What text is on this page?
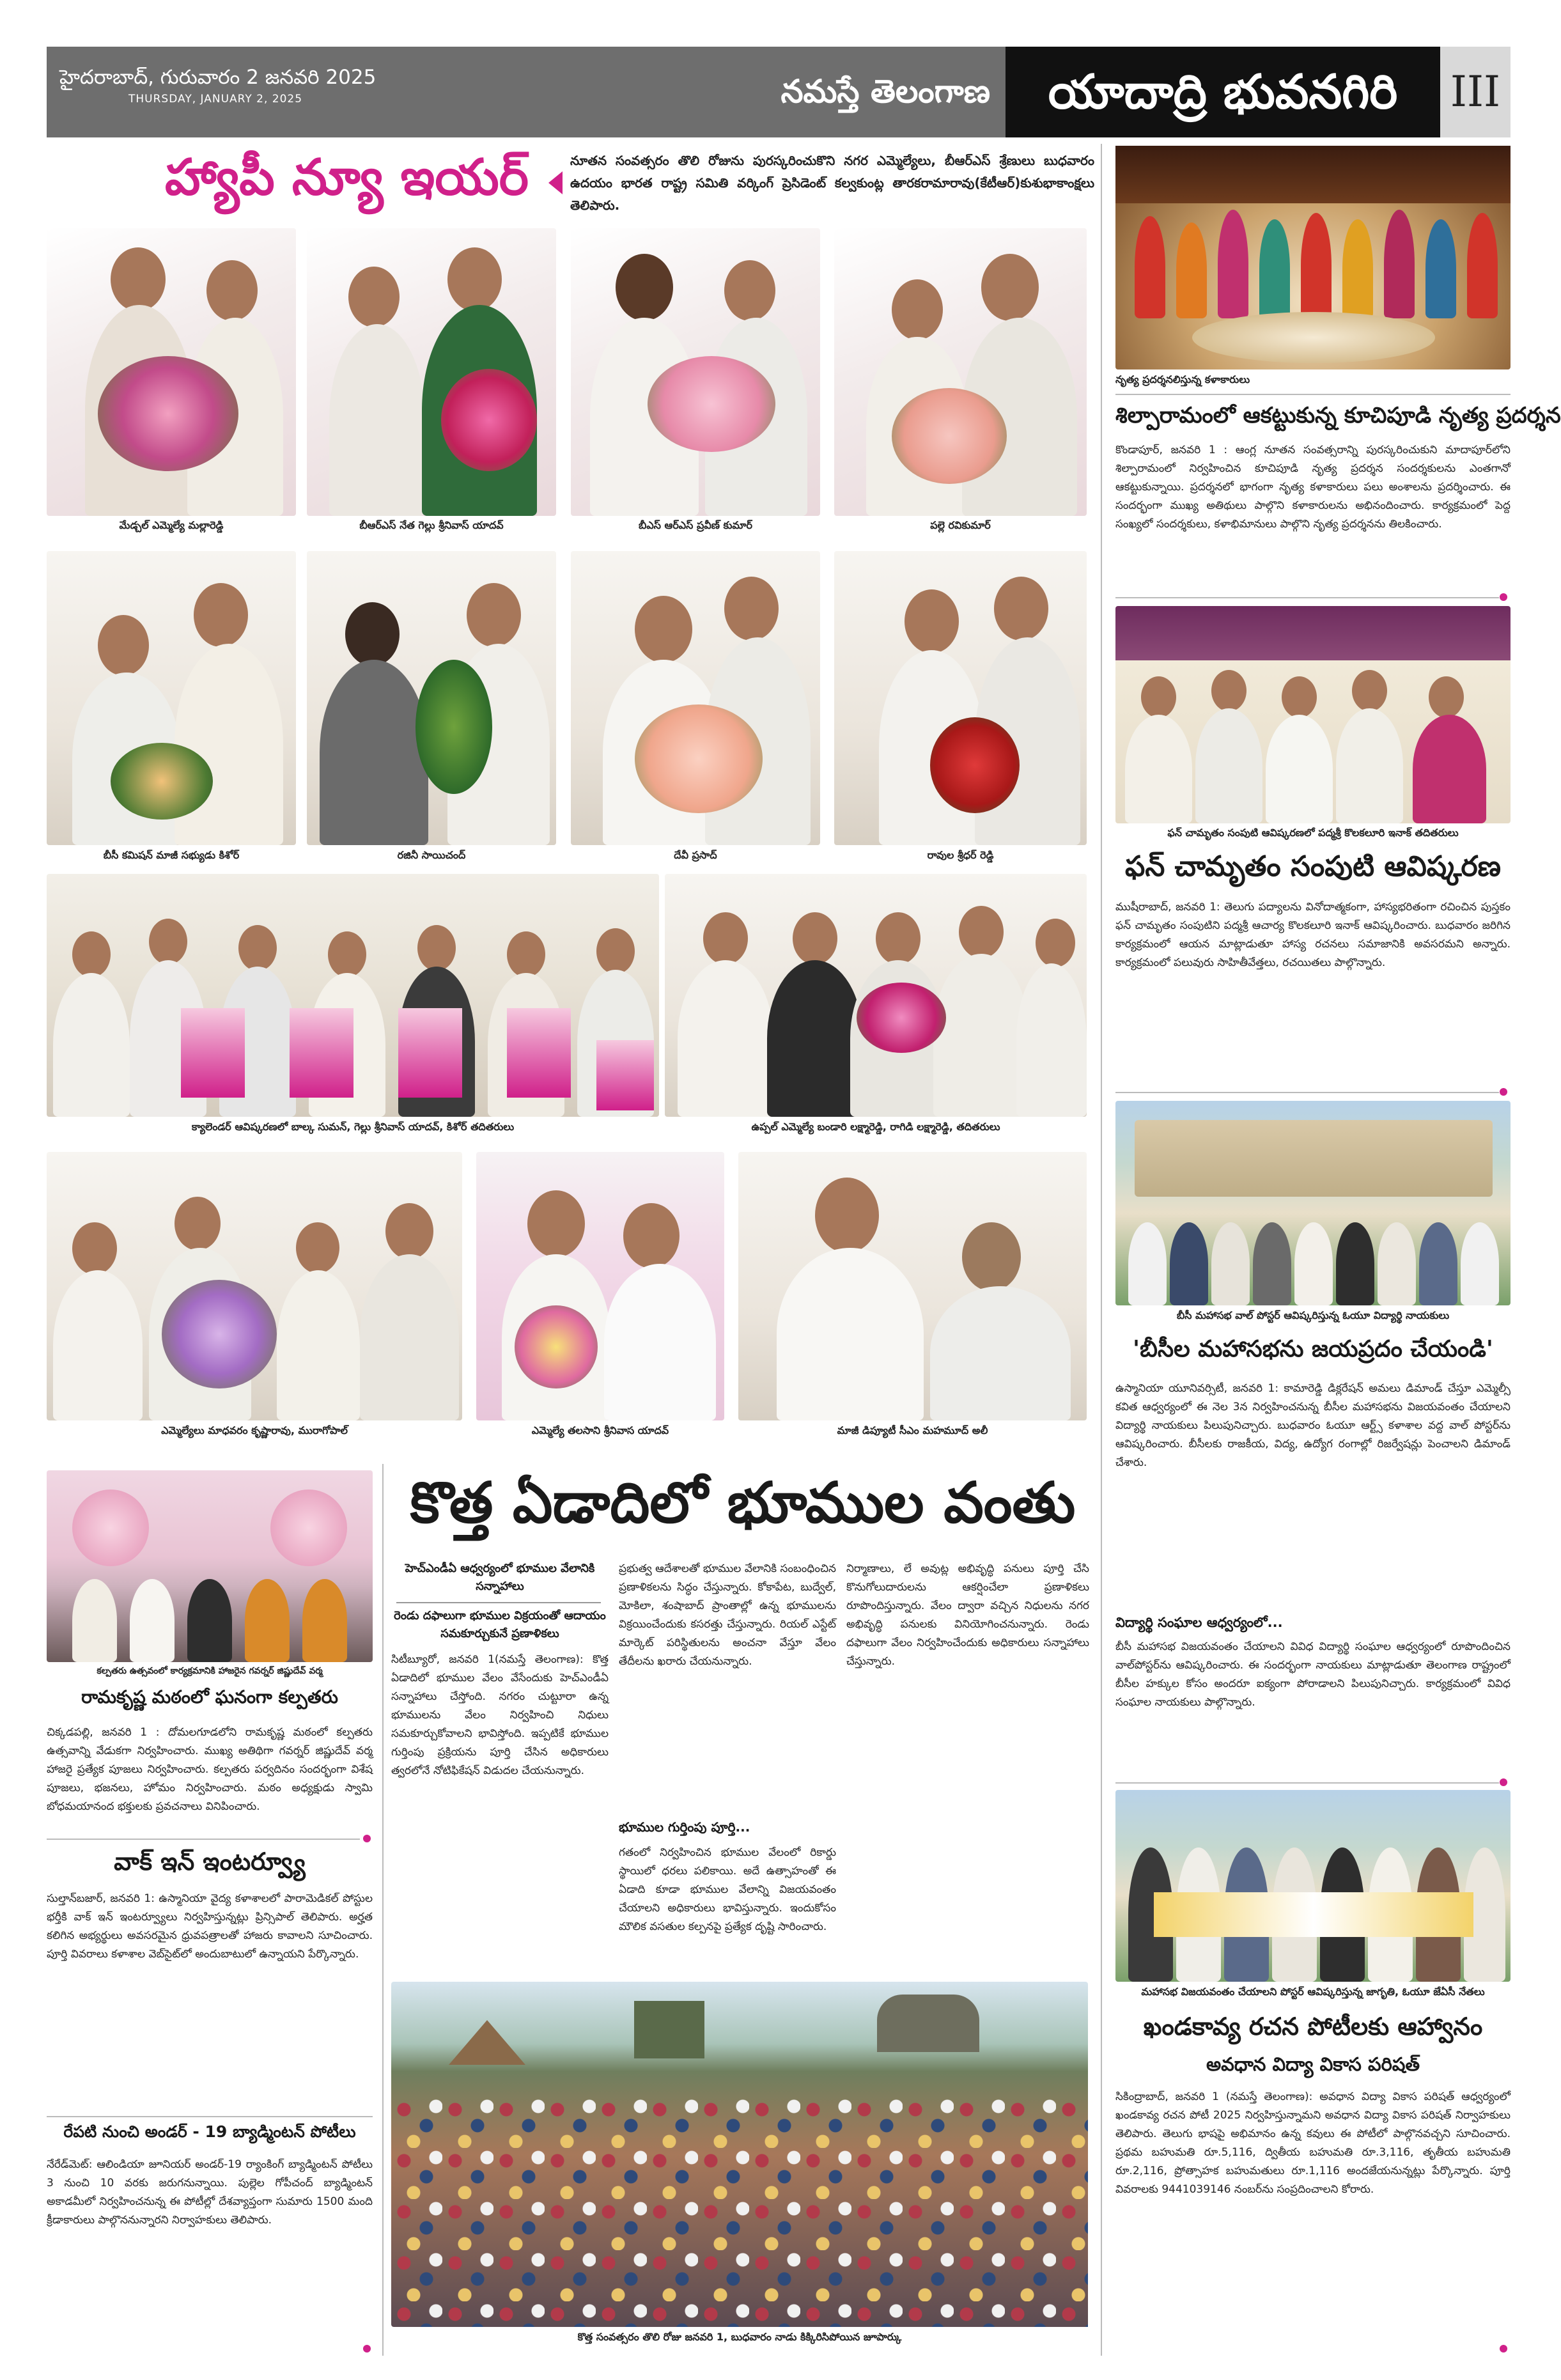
హైదరాబాద్, గురువారం 2 జనవరి 2025
THURSDAY, JANUARY 2, 2025	నమస్తే తెలంగాణ	యాదాద్రి భువనగిరి	III
హ్యాపీ న్యూ ఇయర్	నూతన సంవత్సరం తొలి రోజును పురస్కరించుకొని నగర ఎమ్మెల్యేలు, బీఆర్ఎస్ శ్రేణులు బుధవారం ఉదయం భారత రాష్ట్ర సమితి వర్కింగ్ ప్రెసిడెంట్ కల్వకుంట్ల తారకరామారావు(కేటీఆర్)కుశుభాకాంక్షలు తెలిపారు.
మేడ్చల్ ఎమ్మెల్యే మల్లారెడ్డి	బీఆర్ఎస్ నేత గెల్లు శ్రీనివాస్ యాదవ్	బీఎస్ ఆర్ఎస్ ప్రవీణ్ కుమార్	పల్లె రవికుమార్
బీసీ కమిషన్ మాజీ సభ్యుడు కిశోర్	రజినీ సాయిచంద్	దేవీ ప్రసాద్	రావుల శ్రీధర్ రెడ్డి
క్యాలెండర్ ఆవిష్కరణలో బాల్క సుమన్, గెల్లు శ్రీనివాస్ యాదవ్, కిశోర్ తదితరులు	ఉప్పల్ ఎమ్మెల్యే బండారి లక్ష్మారెడ్డి, రాగిడి లక్ష్మారెడ్డి, తదితరులు
ఎమ్మెల్యేలు మాధవరం కృష్ణారావు, మురాగోపాల్	ఎమ్మెల్యే తలసాని శ్రీనివాస యాదవ్	మాజీ డిప్యూటీ సీఎం మహమూద్ అలీ
నృత్య ప్రదర్శనలిస్తున్న కళాకారులు
శిల్పారామంలో ఆకట్టుకున్న కూచిపూడి నృత్య ప్రదర్శన
కొండాపూర్, జనవరి 1 : ఆంగ్ల నూతన సంవత్సరాన్ని పురస్కరించుకుని మాదాపూర్‌లోని శిల్పారామంలో నిర్వహించిన కూచిపూడి నృత్య ప్రదర్శన సందర్శకులను ఎంతగానో ఆకట్టుకున్నాయి. ప్రదర్శనలో భాగంగా నృత్య కళాకారులు పలు అంశాలను ప్రదర్శించారు. ఈ సందర్భంగా ముఖ్య అతిథులు పాల్గొని కళాకారులను అభినందించారు. కార్యక్రమంలో పెద్ద సంఖ్యలో సందర్శకులు, కళాభిమానులు పాల్గొని నృత్య ప్రదర్శనను తిలకించారు.
ఫన్ చామృతం సంపుటి ఆవిష్కరణలో పద్మశ్రీ కొలకలూరి ఇనాక్ తదితరులు
ఫన్ చామృతం సంపుటి ఆవిష్కరణ
ముషీరాబాద్, జనవరి 1: తెలుగు పద్యాలను వినోదాత్మకంగా, హాస్యభరితంగా రచించిన పుస్తకం ఫన్ చామృతం సంపుటిని పద్మశ్రీ ఆచార్య కొలకలూరి ఇనాక్ ఆవిష్కరించారు. బుధవారం జరిగిన కార్యక్రమంలో ఆయన మాట్లాడుతూ హాస్య రచనలు సమాజానికి అవసరమని అన్నారు. కార్యక్రమంలో పలువురు సాహితీవేత్తలు, రచయితలు పాల్గొన్నారు.
బీసీ మహాసభ వాల్ పోస్టర్ ఆవిష్కరిస్తున్న ఓయూ విద్యార్థి నాయకులు
'బీసీల మహాసభను జయప్రదం చేయండి'
ఉస్మానియా యూనివర్సిటీ, జనవరి 1: కామారెడ్డి డిక్లరేషన్ అమలు డిమాండ్ చేస్తూ ఎమ్మెల్సీ కవిత ఆధ్వర్యంలో ఈ నెల 3న నిర్వహించనున్న బీసీల మహాసభను విజయవంతం చేయాలని విద్యార్థి నాయకులు పిలుపునిచ్చారు. బుధవారం ఓయూ ఆర్ట్స్ కళాశాల వద్ద వాల్ పోస్టర్‌ను ఆవిష్కరించారు. బీసీలకు రాజకీయ, విద్య, ఉద్యోగ రంగాల్లో రిజర్వేషన్లు పెంచాలని డిమాండ్ చేశారు.
విద్యార్థి సంఘాల ఆధ్వర్యంలో...
బీసీ మహాసభ విజయవంతం చేయాలని వివిధ విద్యార్థి సంఘాల ఆధ్వర్యంలో రూపొందించిన వాల్‌పోస్టర్‌ను ఆవిష్కరించారు. ఈ సందర్భంగా నాయకులు మాట్లాడుతూ తెలంగాణ రాష్ట్రంలో బీసీల హక్కుల కోసం అందరూ ఐక్యంగా పోరాడాలని పిలుపునిచ్చారు. కార్యక్రమంలో వివిధ సంఘాల నాయకులు పాల్గొన్నారు.
మహాసభ విజయవంతం చేయాలని పోస్టర్ ఆవిష్కరిస్తున్న జాగృతి, ఓయూ జేఏసీ నేతలు
ఖండకావ్య రచన పోటీలకు ఆహ్వానం
అవధాన విద్యా వికాస పరిషత్
సికింద్రాబాద్, జనవరి 1 (నమస్తే తెలంగాణ): అవధాన విద్యా వికాస పరిషత్ ఆధ్వర్యంలో ఖండకావ్య రచన పోటీ 2025 నిర్వహిస్తున్నామని అవధాన విద్యా వికాస పరిషత్ నిర్వాహకులు తెలిపారు. తెలుగు భాషపై అభిమానం ఉన్న కవులు ఈ పోటీలో పాల్గొనవచ్చని సూచించారు. ప్రథమ బహుమతి రూ.5,116, ద్వితీయ బహుమతి రూ.3,116, తృతీయ బహుమతి రూ.2,116, ప్రోత్సాహక బహుమతులు రూ.1,116 అందజేయనున్నట్లు పేర్కొన్నారు. పూర్తి వివరాలకు 9441039146 నంబర్‌ను సంప్రదించాలని కోరారు.
కల్పతరు ఉత్సవంలో కార్యక్రమానికి హాజరైన గవర్నర్ జిష్ణుదేవ్ వర్మ
రామకృష్ణ మఠంలో ఘనంగా కల్పతరు
చిక్కడపల్లి, జనవరి 1 : దోమలగూడలోని రామకృష్ణ మఠంలో కల్పతరు ఉత్సవాన్ని వేడుకగా నిర్వహించారు. ముఖ్య అతిథిగా గవర్నర్ జిష్ణుదేవ్ వర్మ హాజరై ప్రత్యేక పూజలు నిర్వహించారు. కల్పతరు పర్వదినం సందర్భంగా విశేష పూజలు, భజనలు, హోమం నిర్వహించారు. మఠం అధ్యక్షుడు స్వామి బోధమయానంద భక్తులకు ప్రవచనాలు వినిపించారు.
వాక్ ఇన్ ఇంటర్వ్యూ
సుల్తాన్‌బజార్, జనవరి 1: ఉస్మానియా వైద్య కళాశాలలో పారామెడికల్ పోస్టుల భర్తీకి వాక్ ఇన్ ఇంటర్వ్యూలు నిర్వహిస్తున్నట్లు ప్రిన్సిపాల్ తెలిపారు. అర్హత కలిగిన అభ్యర్థులు అవసరమైన ధ్రువపత్రాలతో హాజరు కావాలని సూచించారు. పూర్తి వివరాలు కళాశాల వెబ్‌సైట్‌లో అందుబాటులో ఉన్నాయని పేర్కొన్నారు.
రేపటి నుంచి అండర్ - 19 బ్యాడ్మింటన్ పోటీలు
నేరేడ్‌మెట్: ఆలిండియా జూనియర్ అండర్-19 ర్యాంకింగ్ బ్యాడ్మింటన్ పోటీలు 3 నుంచి 10 వరకు జరుగనున్నాయి. పుల్లెల గోపీచంద్ బ్యాడ్మింటన్ అకాడమీలో నిర్వహించనున్న ఈ పోటీల్లో దేశవ్యాప్తంగా సుమారు 1500 మంది క్రీడాకారులు పాల్గొననున్నారని నిర్వాహకులు తెలిపారు.
కొత్త ఏడాదిలో భూముల వంతు
హెచ్ఎండీఏ ఆధ్వర్యంలో భూముల వేలానికి సన్నాహాలు
రెండు దఫాలుగా భూముల విక్రయంతో ఆదాయం సమకూర్చుకునే ప్రణాళికలు
సిటీబ్యూరో, జనవరి 1(నమస్తే తెలంగాణ): కొత్త ఏడాదిలో భూముల వేలం వేసేందుకు హెచ్ఎండీఏ సన్నాహాలు చేస్తోంది. నగరం చుట్టూరా ఉన్న భూములను వేలం నిర్వహించి నిధులు సమకూర్చుకోవాలని భావిస్తోంది. ఇప్పటికే భూముల గుర్తింపు ప్రక్రియను పూర్తి చేసిన అధికారులు త్వరలోనే నోటిఫికేషన్ విడుదల చేయనున్నారు.
ప్రభుత్వ ఆదేశాలతో భూముల వేలానికి సంబంధించిన ప్రణాళికలను సిద్ధం చేస్తున్నారు. కోకాపేట, బుద్వేల్, మోకిలా, శంషాబాద్ ప్రాంతాల్లో ఉన్న భూములను విక్రయించేందుకు కసరత్తు చేస్తున్నారు. రియల్ ఎస్టేట్ మార్కెట్ పరిస్థితులను అంచనా వేస్తూ వేలం తేదీలను ఖరారు చేయనున్నారు.
భూముల గుర్తింపు పూర్తి...
గతంలో నిర్వహించిన భూముల వేలంలో రికార్డు స్థాయిలో ధరలు పలికాయి. అదే ఉత్సాహంతో ఈ ఏడాది కూడా భూముల వేలాన్ని విజయవంతం చేయాలని అధికారులు భావిస్తున్నారు. ఇందుకోసం మౌలిక వసతుల కల్పనపై ప్రత్యేక దృష్టి సారించారు.
నిర్మాణాలు, లే అవుట్ల అభివృద్ధి పనులు పూర్తి చేసి కొనుగోలుదారులను ఆకర్షించేలా ప్రణాళికలు రూపొందిస్తున్నారు. వేలం ద్వారా వచ్చిన నిధులను నగర అభివృద్ధి పనులకు వినియోగించనున్నారు. రెండు దఫాలుగా వేలం నిర్వహించేందుకు అధికారులు సన్నాహాలు చేస్తున్నారు.
కొత్త సంవత్సరం తొలి రోజు జనవరి 1, బుధవారం నాడు కిక్కిరిసిపోయిన జూపార్కు
